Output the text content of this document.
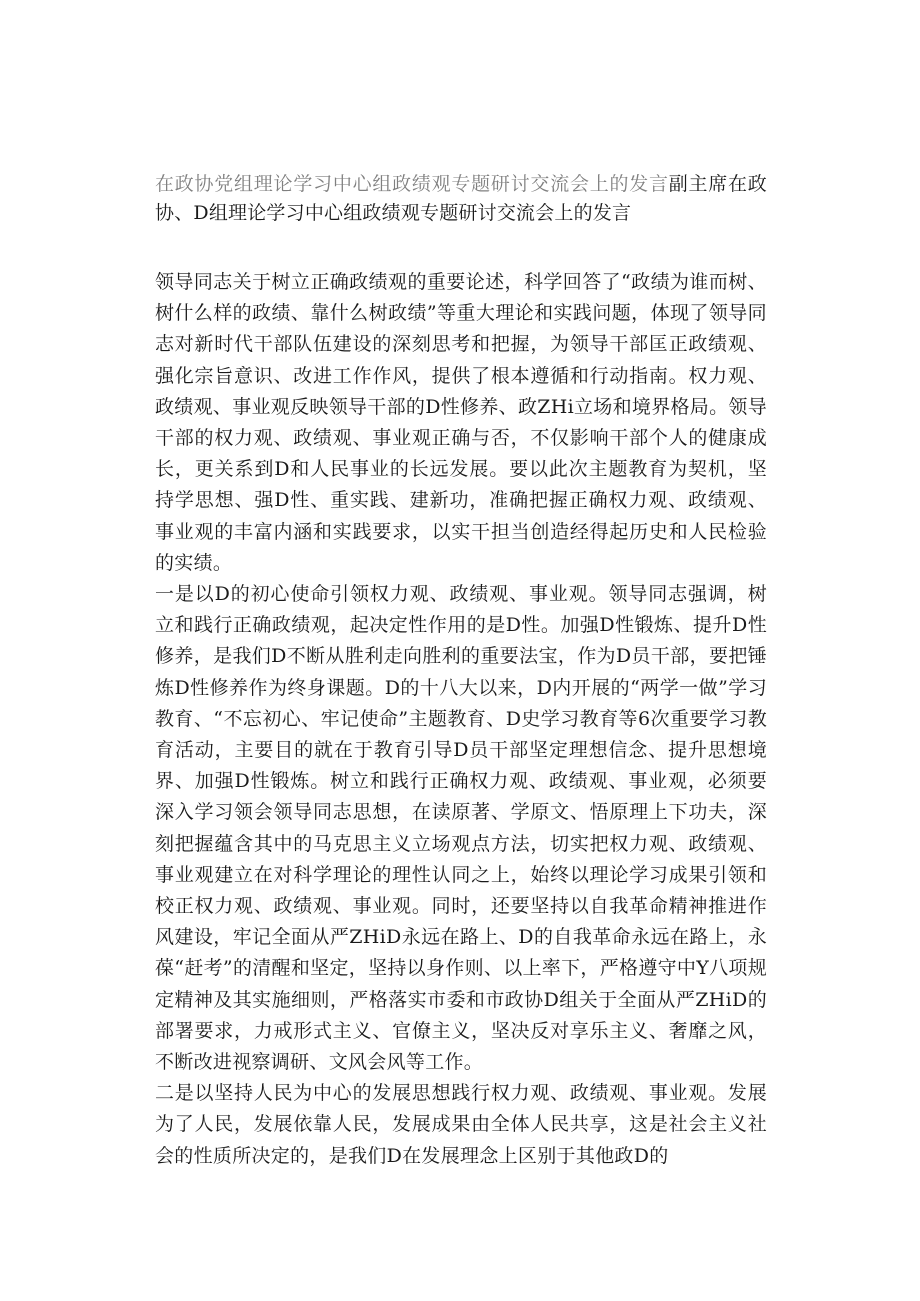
在政协党组理论学习中心组政绩观专题研讨交流会上的发言副主席在政协、D组理论学习中心组政绩观专题研讨交流会上的发言

领导同志关于树立正确政绩观的重要论述，科学回答了“政绩为谁而树、树什么样的政绩、靠什么树政绩”等重大理论和实践问题，体现了领导同志对新时代干部队伍建设的深刻思考和把握，为领导干部匡正政绩观、强化宗旨意识、改进工作作风，提供了根本遵循和行动指南。权力观、政绩观、事业观反映领导干部的D性修养、政ZHi立场和境界格局。领导干部的权力观、政绩观、事业观正确与否，不仅影响干部个人的健康成长，更关系到D和人民事业的长远发展。要以此次主题教育为契机，坚持学思想、强D性、重实践、建新功，准确把握正确权力观、政绩观、事业观的丰富内涵和实践要求，以实干担当创造经得起历史和人民检验的实绩。

一是以D的初心使命引领权力观、政绩观、事业观。领导同志强调，树立和践行正确政绩观，起决定性作用的是D性。加强D性锻炼、提升D性修养，是我们D不断从胜利走向胜利的重要法宝，作为D员干部，要把锤炼D性修养作为终身课题。D的十八大以来，D内开展的“两学一做”学习教育、“不忘初心、牢记使命”主题教育、D史学习教育等6次重要学习教育活动，主要目的就在于教育引导D员干部坚定理想信念、提升思想境界、加强D性锻炼。树立和践行正确权力观、政绩观、事业观，必须要深入学习领会领导同志思想，在读原著、学原文、悟原理上下功夫，深刻把握蕴含其中的马克思主义立场观点方法，切实把权力观、政绩观、事业观建立在对科学理论的理性认同之上，始终以理论学习成果引领和校正权力观、政绩观、事业观。同时，还要坚持以自我革命精神推进作风建设，牢记全面从严ZHiD永远在路上、D的自我革命永远在路上，永葆“赶考”的清醒和坚定，坚持以身作则、以上率下，严格遵守中Y八项规定精神及其实施细则，严格落实市委和市政协D组关于全面从严ZHiD的部署要求，力戒形式主义、官僚主义，坚决反对享乐主义、奢靡之风，不断改进视察调研、文风会风等工作。

二是以坚持人民为中心的发展思想践行权力观、政绩观、事业观。发展为了人民，发展依靠人民，发展成果由全体人民共享，这是社会主义社会的性质所决定的，是我们D在发展理念上区别于其他政D的
